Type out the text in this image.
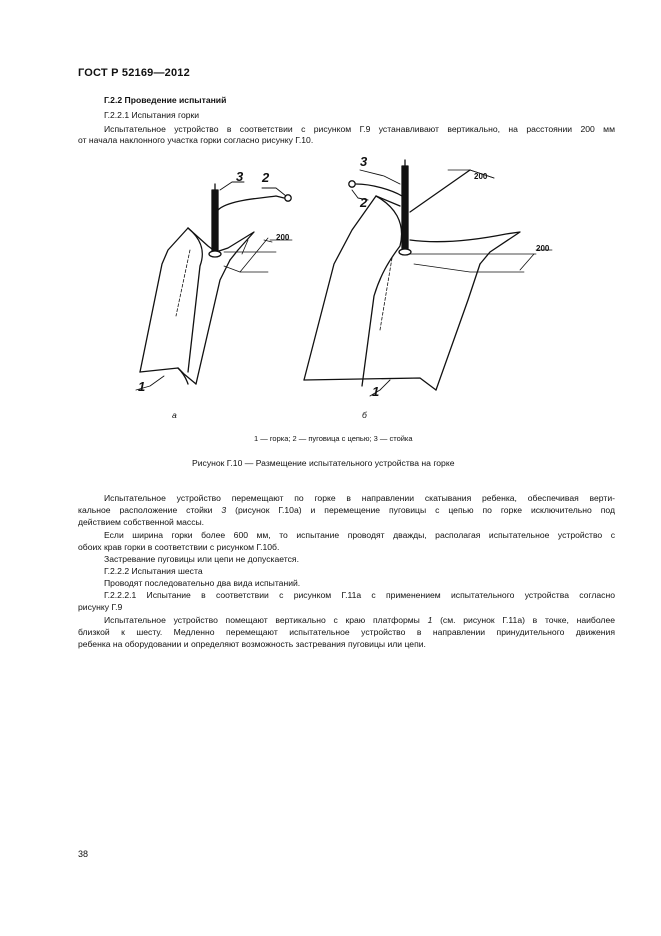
ГОСТ Р 52169—2012
Г.2.2 Проведение испытаний
Г.2.2.1 Испытания горки
Испытательное устройство в соответствии с рисунком Г.9 устанавливают вертикально, на расстоянии 200 мм
от начала наклонного участка горки согласно рисунку Г.10.
3 2
200
1
3
2
200
200
1
а	б
1 — горка; 2 — пуговица с цепью; 3 — стойка
Рисунок Г.10 — Размещение испытательного устройства на горке
Испытательное устройство перемещают по горке в направлении скатывания ребенка, обеспечивая верти-
кальное расположение стойки 3 (рисунок Г.10а) и перемещение пуговицы с цепью по горке исключительно под
действием собственной массы.
Если ширина горки более 600 мм, то испытание проводят дважды, располагая испытательное устройство с
обоих крав горки в соответствии с рисунком Г.10б.
Застревание пуговицы или цепи не допускается.
Г.2.2.2 Испытания шеста
Проводят последовательно два вида испытаний.
Г.2.2.2.1 Испытание в соответствии с рисунком Г.11а с применением испытательного устройства согласно
рисунку Г.9
Испытательное устройство помещают вертикально с краю платформы 1 (см. рисунок Г.11а) в точке, наиболее
близкой к шесту. Медленно перемещают испытательное устройство в направлении принудительного движения
ребенка на оборудовании и определяют возможность застревания пуговицы или цепи.
38
